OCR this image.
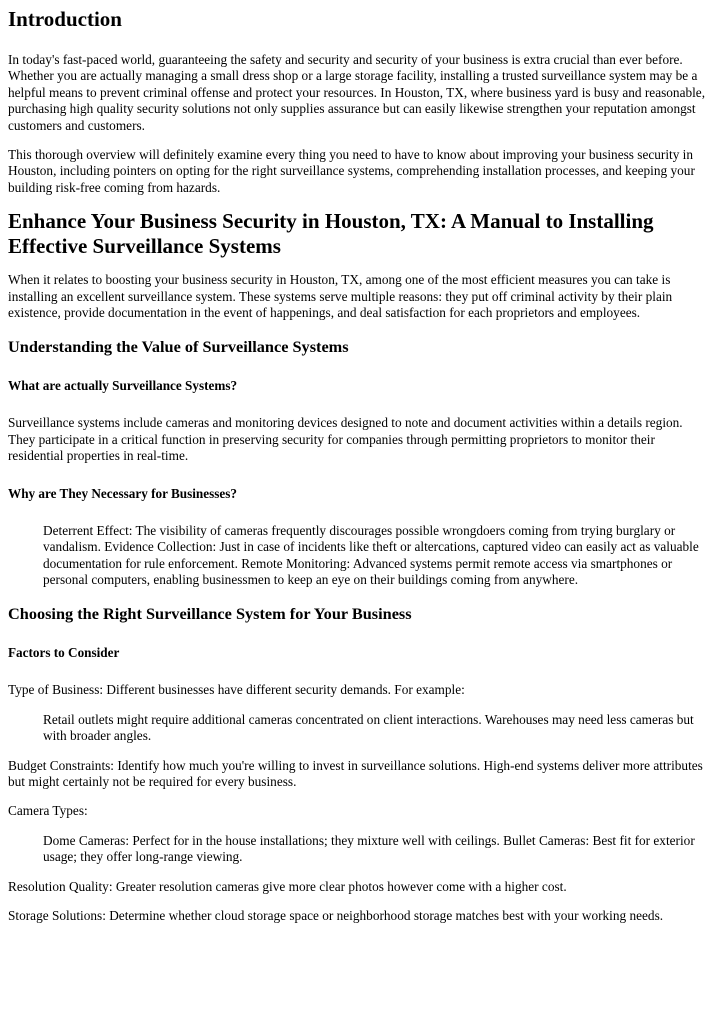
Introduction

In today's fast-paced world, guaranteeing the safety and security and security of your business is extra crucial than ever before. Whether you are actually managing a small dress shop or a large storage facility, installing a trusted surveillance system may be a helpful means to prevent criminal offense and protect your resources. In Houston, TX, where business yard is busy and reasonable, purchasing high quality security solutions not only supplies assurance but can easily likewise strengthen your reputation amongst customers and customers.

This thorough overview will definitely examine every thing you need to have to know about improving your business security in Houston, including pointers on opting for the right surveillance systems, comprehending installation processes, and keeping your building risk-free coming from hazards.

Enhance Your Business Security in Houston, TX: A Manual to Installing Effective Surveillance Systems

When it relates to boosting your business security in Houston, TX, among one of the most efficient measures you can take is installing an excellent surveillance system. These systems serve multiple reasons: they put off criminal activity by their plain existence, provide documentation in the event of happenings, and deal satisfaction for each proprietors and employees.

Understanding the Value of Surveillance Systems
What are actually Surveillance Systems?

Surveillance systems include cameras and monitoring devices designed to note and document activities within a details region. They participate in a critical function in preserving security for companies through permitting proprietors to monitor their residential properties in real-time.

Why are They Necessary for Businesses?
Deterrent Effect: The visibility of cameras frequently discourages possible wrongdoers coming from trying burglary or vandalism. Evidence Collection: Just in case of incidents like theft or altercations, captured video can easily act as valuable documentation for rule enforcement. Remote Monitoring: Advanced systems permit remote access via smartphones or personal computers, enabling businessmen to keep an eye on their buildings coming from anywhere.
Choosing the Right Surveillance System for Your Business
Factors to Consider

Type of Business: Different businesses have different security demands. For example:

Retail outlets might require additional cameras concentrated on client interactions. Warehouses may need less cameras but with broader angles.

Budget Constraints: Identify how much you're willing to invest in surveillance solutions. High-end systems deliver more attributes but might certainly not be required for every business.

Camera Types:

Dome Cameras: Perfect for in the house installations; they mixture well with ceilings. Bullet Cameras: Best fit for exterior usage; they offer long-range viewing.

Resolution Quality: Greater resolution cameras give more clear photos however come with a higher cost.

Storage Solutions: Determine whether cloud storage space or neighborhood storage matches best with your working needs.
